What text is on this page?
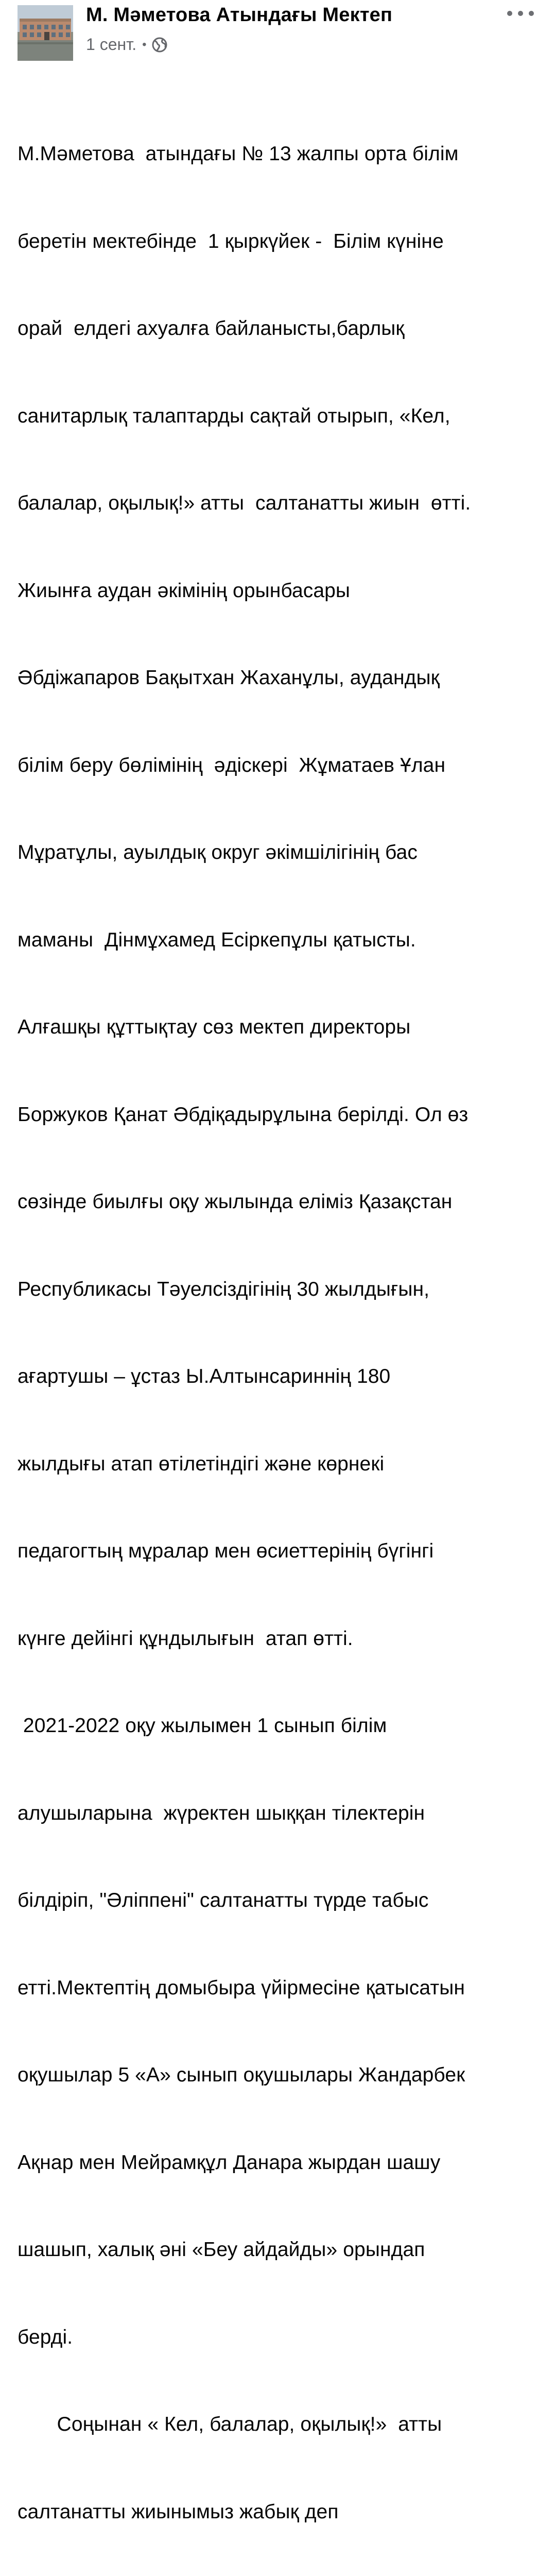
М. Мәметова Атындағы Мектеп
1 сент. •

М.Мәметова  атындағы № 13 жалпы орта білім

беретін мектебінде  1 қыркүйек -  Білім күніне

орай  елдегі ахуалға байланысты,барлық

санитарлық талаптарды сақтай отырып, «Кел,

балалар, оқылық!» атты  салтанатты жиын  өтті.

Жиынға аудан әкімінің орынбасары

Әбдіжапаров Бақытхан Жаханұлы, аудандық

білім беру бөлімінің  әдіскері  Жұматаев Ұлан

Мұратұлы, ауылдық округ әкімшілігінің бас

маманы  Дінмұхамед Есіркепұлы қатысты.

Алғашқы құттықтау сөз мектеп директоры

Боржуков Қанат Әбдіқадырұлына берілді. Ол өз

сөзінде биылғы оқу жылында еліміз Қазақстан

Республикасы Тәуелсіздігінің 30 жылдығын,

ағартушы – ұстаз Ы.Алтынсариннің 180

жылдығы атап өтілетіндігі және көрнекі

педагогтың мұралар мен өсиеттерінің бүгінгі

күнге дейінгі құндылығын  атап өтті.

2021-2022 оқу жылымен 1 сынып білім

алушыларына  жүректен шыққан тілектерін

білдіріп, "Әліппені" салтанатты түрде табыс

етті.Мектептің домыбыра үйірмесіне қатысатын

оқушылар 5 «А» сынып оқушылары Жандарбек

Ақнар мен Мейрамқұл Данара жырдан шашу

шашып, халық әні «Беу айдайды» орындап

берді.

Соңынан « Кел, балалар, оқылық!»  атты

салтанатты жиынымыз жабық деп
